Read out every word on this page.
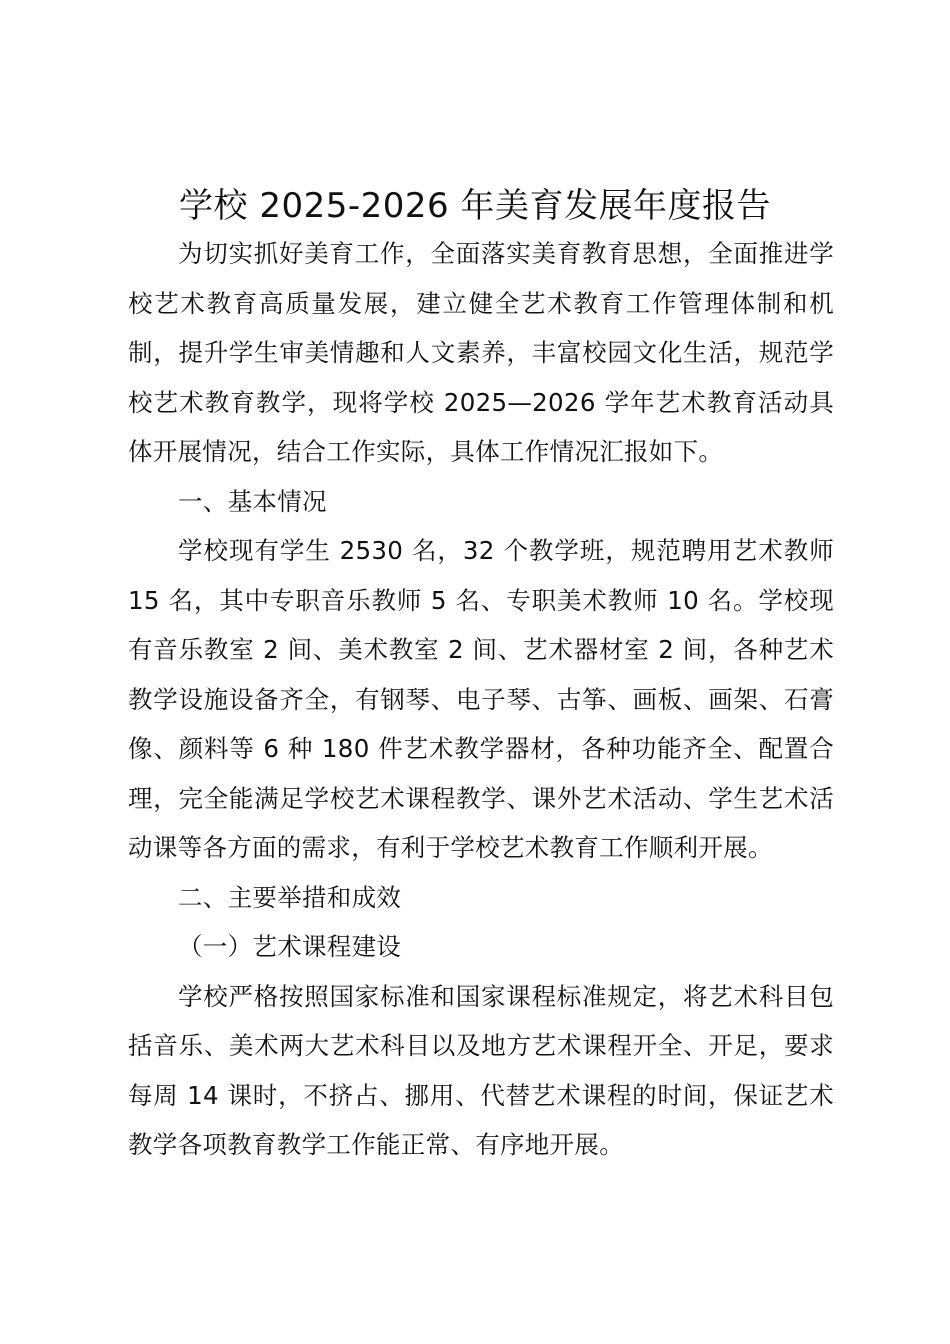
学校 2025-2026 年美育发展年度报告

为切实抓好美育工作，全面落实美育教育思想，全面推进学校艺术教育高质量发展，建立健全艺术教育工作管理体制和机制，提升学生审美情趣和人文素养，丰富校园文化生活，规范学校艺术教育教学，现将学校 2025—2026 学年艺术教育活动具体开展情况，结合工作实际，具体工作情况汇报如下。

一、基本情况

学校现有学生 2530 名，32 个教学班，规范聘用艺术教师 15 名，其中专职音乐教师 5 名、专职美术教师 10 名。学校现有音乐教室 2 间、美术教室 2 间、艺术器材室 2 间，各种艺术教学设施设备齐全，有钢琴、电子琴、古筝、画板、画架、石膏像、颜料等 6 种 180 件艺术教学器材，各种功能齐全、配置合理，完全能满足学校艺术课程教学、课外艺术活动、学生艺术活动课等各方面的需求，有利于学校艺术教育工作顺利开展。

二、主要举措和成效

（一）艺术课程建设

学校严格按照国家标准和国家课程标准规定，将艺术科目包括音乐、美术两大艺术科目以及地方艺术课程开全、开足，要求每周 14 课时，不挤占、挪用、代替艺术课程的时间，保证艺术教学各项教育教学工作能正常、有序地开展。
